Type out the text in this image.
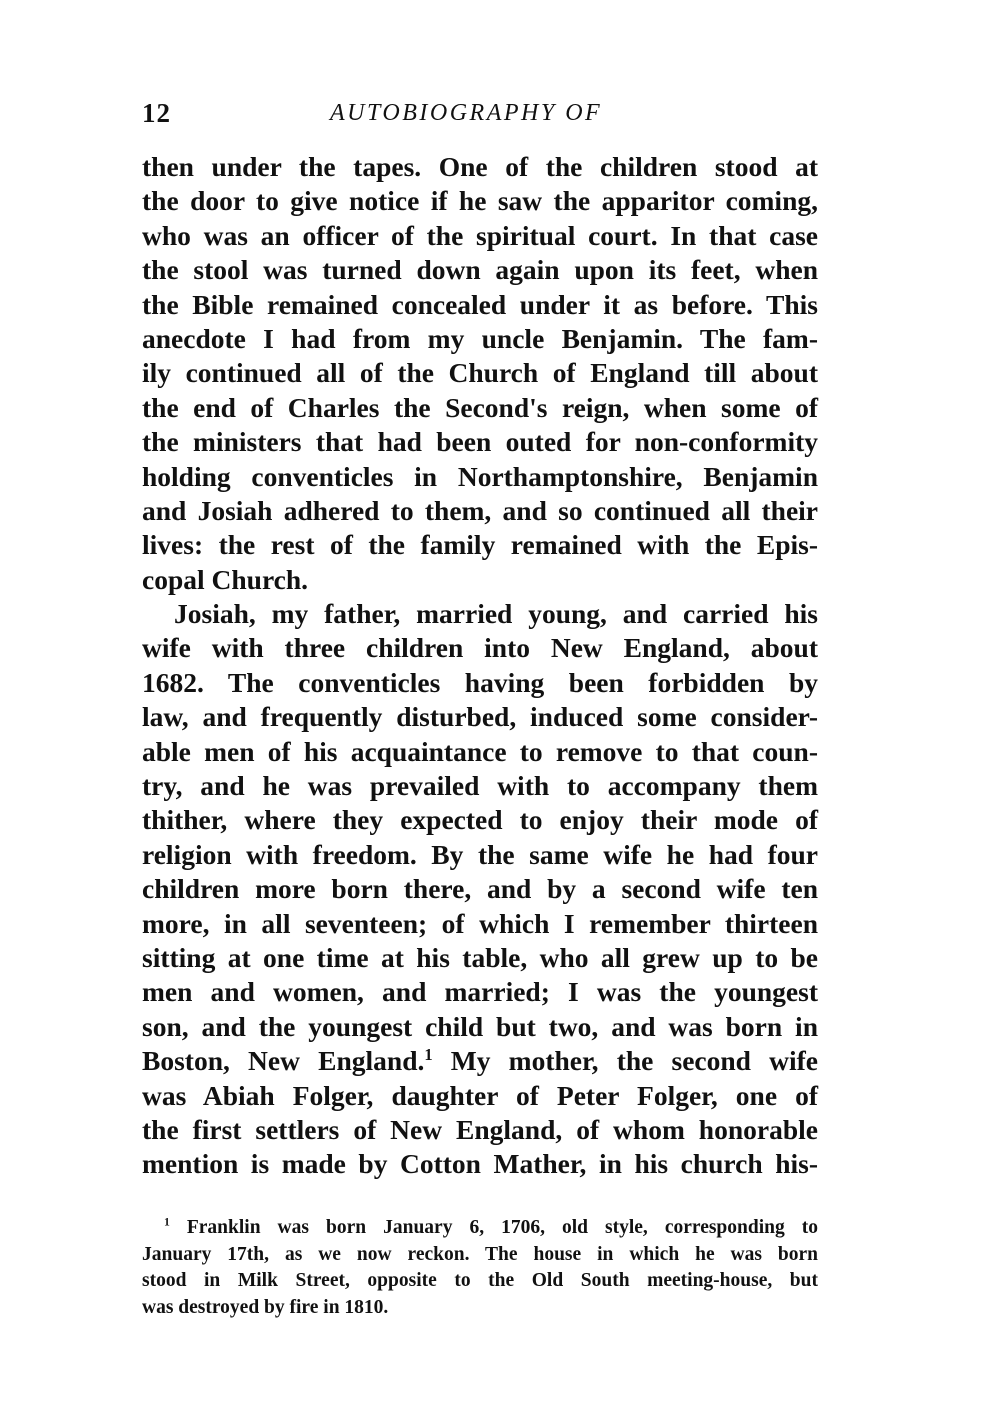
12	AUTOBIOGRAPHY OF
then under the tapes. One of the children stood at
the door to give notice if he saw the apparitor coming,
who was an officer of the spiritual court. In that case
the stool was turned down again upon its feet, when
the Bible remained concealed under it as before. This
anecdote I had from my uncle Benjamin. The fam-
ily continued all of the Church of England till about
the end of Charles the Second's reign, when some of
the ministers that had been outed for non-conformity
holding conventicles in Northamptonshire, Benjamin
and Josiah adhered to them, and so continued all their
lives: the rest of the family remained with the Epis-
copal Church.
Josiah, my father, married young, and carried his
wife with three children into New England, about
1682. The conventicles having been forbidden by
law, and frequently disturbed, induced some consider-
able men of his acquaintance to remove to that coun-
try, and he was prevailed with to accompany them
thither, where they expected to enjoy their mode of
religion with freedom. By the same wife he had four
children more born there, and by a second wife ten
more, in all seventeen; of which I remember thirteen
sitting at one time at his table, who all grew up to be
men and women, and married; I was the youngest
son, and the youngest child but two, and was born in
Boston, New England.$^1$ My mother, the second wife
was Abiah Folger, daughter of Peter Folger, one of
the first settlers of New England, of whom honorable
mention is made by Cotton Mather, in his church his-
$^1$ Franklin was born January 6, 1706, old style, corresponding to
January 17th, as we now reckon. The house in which he was born
stood in Milk Street, opposite to the Old South meeting-house, but
was destroyed by fire in 1810.
